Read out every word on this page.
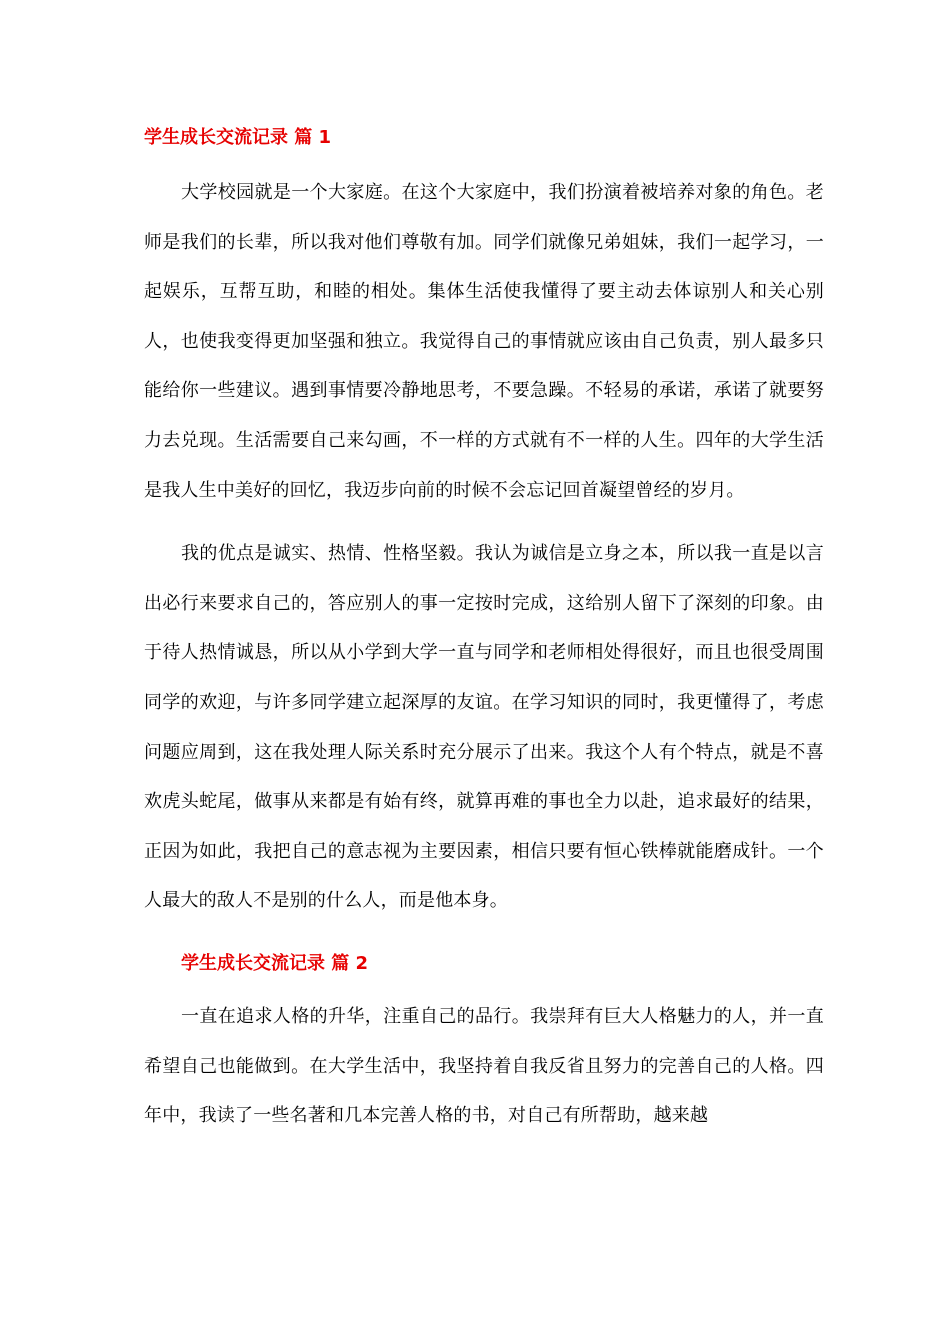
学生成长交流记录 篇 1

大学校园就是一个大家庭。在这个大家庭中，我们扮演着被培养对象的角色。老师是我们的长辈，所以我对他们尊敬有加。同学们就像兄弟姐妹，我们一起学习，一起娱乐，互帮互助，和睦的相处。集体生活使我懂得了要主动去体谅别人和关心别人，也使我变得更加坚强和独立。我觉得自己的事情就应该由自己负责，别人最多只能给你一些建议。遇到事情要冷静地思考，不要急躁。不轻易的承诺，承诺了就要努力去兑现。生活需要自己来勾画，不一样的方式就有不一样的人生。四年的大学生活是我人生中美好的回忆，我迈步向前的时候不会忘记回首凝望曾经的岁月。

我的优点是诚实、热情、性格坚毅。我认为诚信是立身之本，所以我一直是以言出必行来要求自己的，答应别人的事一定按时完成，这给别人留下了深刻的印象。由于待人热情诚恳，所以从小学到大学一直与同学和老师相处得很好，而且也很受周围同学的欢迎，与许多同学建立起深厚的友谊。在学习知识的同时，我更懂得了，考虑问题应周到，这在我处理人际关系时充分展示了出来。我这个人有个特点，就是不喜欢虎头蛇尾，做事从来都是有始有终，就算再难的事也全力以赴，追求最好的结果，正因为如此，我把自己的意志视为主要因素，相信只要有恒心铁棒就能磨成针。一个人最大的敌人不是别的什么人，而是他本身。

学生成长交流记录 篇 2

一直在追求人格的升华，注重自己的品行。我崇拜有巨大人格魅力的人，并一直希望自己也能做到。在大学生活中，我坚持着自我反省且努力的完善自己的人格。四年中，我读了一些名著和几本完善人格的书，对自己有所帮助，越来越
